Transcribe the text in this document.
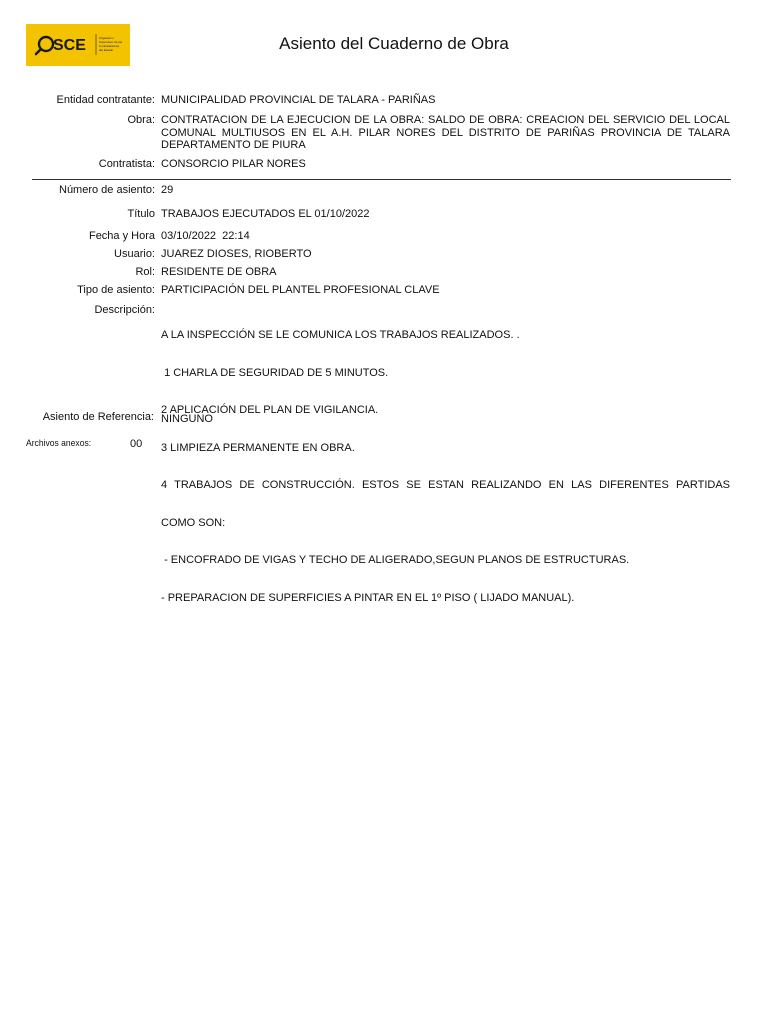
SCE	Organismo
Supervisor de las
Contrataciones
del Estado	Asiento del Cuaderno de Obra
Entidad contratante: MUNICIPALIDAD PROVINCIAL DE TALARA - PARIÑAS
Obra: CONTRATACION DE LA EJECUCION DE LA OBRA: SALDO DE OBRA: CREACION DEL SERVICIO DEL LOCAL COMUNAL MULTIUSOS EN EL A.H. PILAR NORES DEL DISTRITO DE PARIÑAS PROVINCIA DE TALARA DEPARTAMENTO DE PIURA
Contratista: CONSORCIO PILAR NORES
Número de asiento: 29
Título TRABAJOS EJECUTADOS EL 01/10/2022
Fecha y Hora 03/10/2022  22:14
Usuario: JUAREZ DIOSES, RIOBERTO
Rol: RESIDENTE DE OBRA
Tipo de asiento: PARTICIPACIÓN DEL PLANTEL PROFESIONAL CLAVE
Descripción:

A LA INSPECCIÓN SE LE COMUNICA LOS TRABAJOS REALIZADOS. .

1 CHARLA DE SEGURIDAD DE 5 MINUTOS.

2 APLICACIÓN DEL PLAN DE VIGILANCIA.

3 LIMPIEZA PERMANENTE EN OBRA.

4 TRABAJOS DE CONSTRUCCIÓN. ESTOS SE ESTAN REALIZANDO EN LAS DIFERENTES PARTIDAS

COMO SON:

- ENCOFRADO DE VIGAS Y TECHO DE ALIGERADO,SEGUN PLANOS DE ESTRUCTURAS.

- PREPARACION DE SUPERFICIES A PINTAR EN EL 1º PISO ( LIJADO MANUAL).

Asiento de Referencia: NINGUNO
Archivos anexos:	00
